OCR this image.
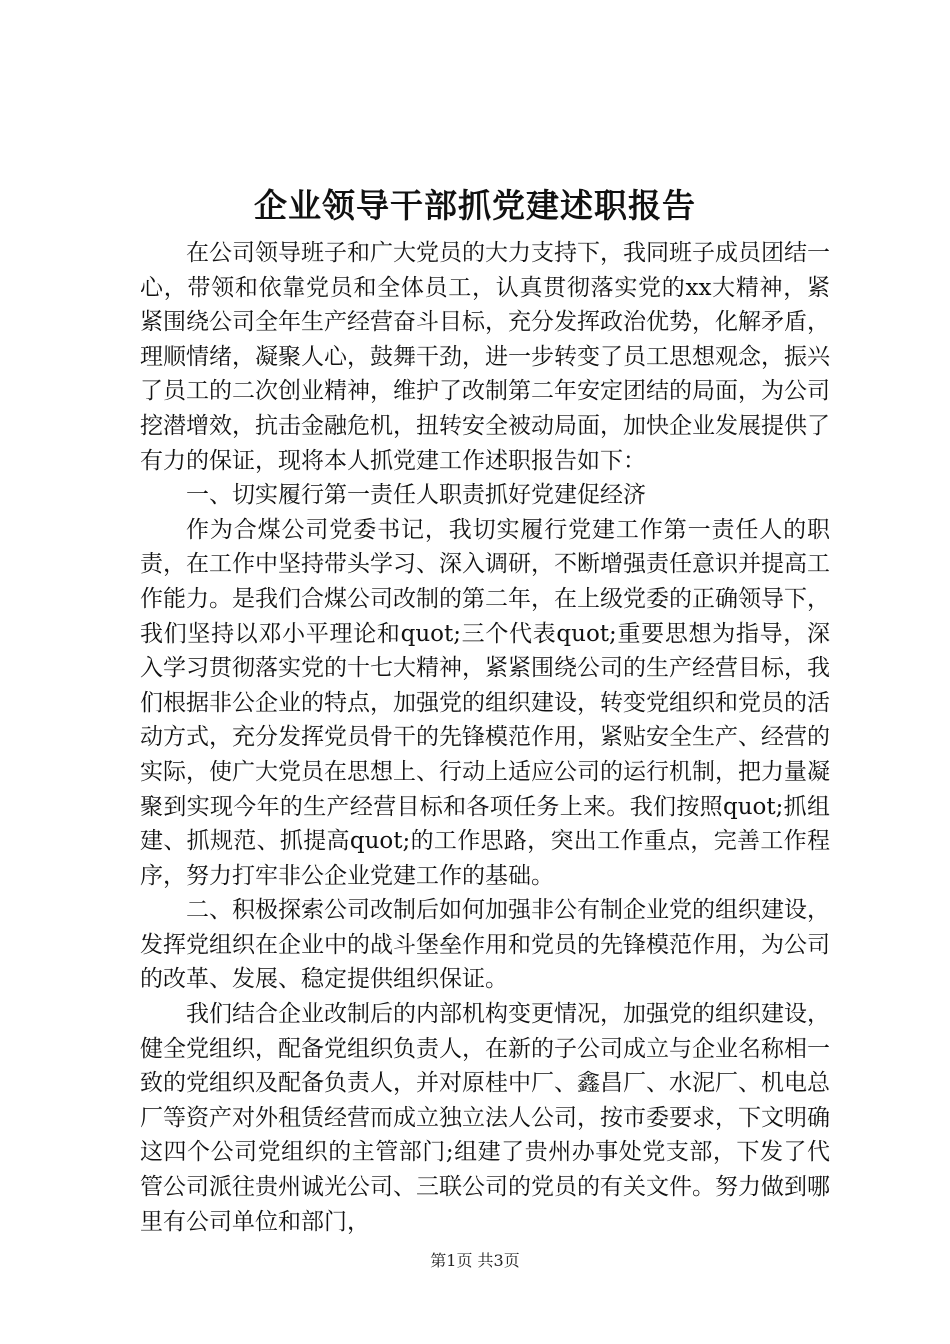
企业领导干部抓党建述职报告

在公司领导班子和广大党员的大力支持下，我同班子成员团结一心，带领和依靠党员和全体员工，认真贯彻落实党的xx大精神，紧紧围绕公司全年生产经营奋斗目标，充分发挥政治优势，化解矛盾，理顺情绪，凝聚人心，鼓舞干劲，进一步转变了员工思想观念，振兴了员工的二次创业精神，维护了改制第二年安定团结的局面，为公司挖潜增效，抗击金融危机，扭转安全被动局面，加快企业发展提供了有力的保证，现将本人抓党建工作述职报告如下：

一、切实履行第一责任人职责抓好党建促经济

作为合煤公司党委书记，我切实履行党建工作第一责任人的职责，在工作中坚持带头学习、深入调研，不断增强责任意识并提高工作能力。是我们合煤公司改制的第二年，在上级党委的正确领导下，我们坚持以邓小平理论和quot;三个代表quot;重要思想为指导，深入学习贯彻落实党的十七大精神，紧紧围绕公司的生产经营目标，我们根据非公企业的特点，加强党的组织建设，转变党组织和党员的活动方式，充分发挥党员骨干的先锋模范作用，紧贴安全生产、经营的实际，使广大党员在思想上、行动上适应公司的运行机制，把力量凝聚到实现今年的生产经营目标和各项任务上来。我们按照quot;抓组建、抓规范、抓提高quot;的工作思路，突出工作重点，完善工作程序，努力打牢非公企业党建工作的基础。

二、积极探索公司改制后如何加强非公有制企业党的组织建设，发挥党组织在企业中的战斗堡垒作用和党员的先锋模范作用，为公司的改革、发展、稳定提供组织保证。

我们结合企业改制后的内部机构变更情况，加强党的组织建设，健全党组织，配备党组织负责人，在新的子公司成立与企业名称相一致的党组织及配备负责人，并对原桂中厂、鑫昌厂、水泥厂、机电总厂等资产对外租赁经营而成立独立法人公司，按市委要求，下文明确这四个公司党组织的主管部门;组建了贵州办事处党支部，下发了代管公司派往贵州诚光公司、三联公司的党员的有关文件。努力做到哪里有公司单位和部门，

第1页 共3页
